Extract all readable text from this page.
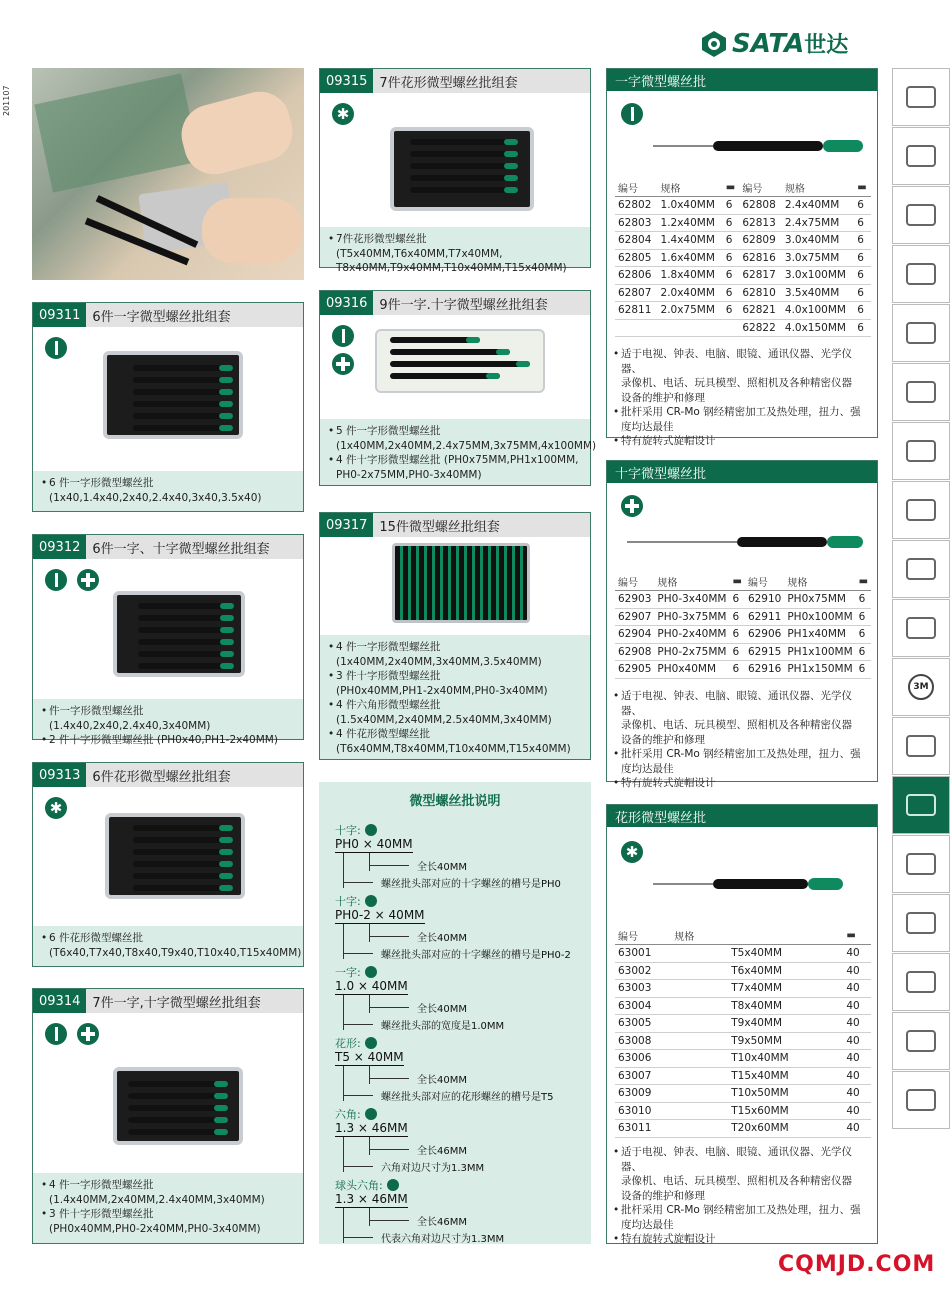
201107
SATA 世达
09311 6件一字微型螺丝批组套
• 6 件一字形微型螺丝批
(1x40,1.4x40,2x40,2.4x40,3x40,3.5x40)
09312 6件一字、十字微型螺丝批组套
• 件一字形微型螺丝批 (1.4x40,2x40,2.4x40,3x40MM)
• 2 件十字形微型螺丝批 (PH0x40,PH1-2x40MM)
09313 6件花形微型螺丝批组套
✱
• 6 件花形微型螺丝批
(T6x40,T7x40,T8x40,T9x40,T10x40,T15x40MM)
09314 7件一字,十字微型螺丝批组套
• 4 件一字形微型螺丝批
(1.4x40MM,2x40MM,2.4x40MM,3x40MM)
• 3 件十字形微型螺丝批
(PH0x40MM,PH0-2x40MM,PH0-3x40MM)
09315 7件花形微型螺丝批组套
✱
• 7件花形微型螺丝批(T5x40MM,T6x40MM,T7x40MM,
T8x40MM,T9x40MM,T10x40MM,T15x40MM)
09316 9件一字.十字微型螺丝批组套
• 5 件一字形微型螺丝批
(1x40MM,2x40MM,2.4x75MM,3x75MM,4x100MM)
• 4 件十字形微型螺丝批 (PH0x75MM,PH1x100MM,
PH0-2x75MM,PH0-3x40MM)
09317 15件微型螺丝批组套
• 4 件一字形微型螺丝批
(1x40MM,2x40MM,3x40MM,3.5x40MM)
• 3 件十字形微型螺丝批
(PH0x40MM,PH1-2x40MM,PH0-3x40MM)
• 4 件六角形微型螺丝批
(1.5x40MM,2x40MM,2.5x40MM,3x40MM)
• 4 件花形微型螺丝批
(T6x40MM,T8x40MM,T10x40MM,T15x40MM)
微型螺丝批说明
十字:
PH0 × 40MM
全长40MM
螺丝批头部对应的十字螺丝的槽号是PH0
十字:
PH0-2 × 40MM
全长40MM
螺丝批头部对应的十字螺丝的槽号是PH0-2
一字:
1.0 × 40MM
全长40MM
螺丝批头部的宽度是1.0MM
花形:
T5 × 40MM
全长40MM
螺丝批头部对应的花形螺丝的槽号是T5
六角:
1.3 × 46MM
全长46MM
六角对边尺寸为1.3MM
球头六角:
1.3 × 46MM
全长46MM
代表六角对边尺寸为1.3MM
一字微型螺丝批
编号	规格	▬	编号	规格	▬
62802	1.0x40MM	6	62808	2.4x40MM	6
62803	1.2x40MM	6	62813	2.4x75MM	6
62804	1.4x40MM	6	62809	3.0x40MM	6
62805	1.6x40MM	6	62816	3.0x75MM	6
62806	1.8x40MM	6	62817	3.0x100MM	6
62807	2.0x40MM	6	62810	3.5x40MM	6
62811	2.0x75MM	6	62821	4.0x100MM	6
			62822	4.0x150MM	6
• 适于电视、钟表、电脑、眼镜、通讯仪器、光学仪器、
录像机、电话、玩具模型、照相机及各种精密仪器
设备的维护和修理
• 批杆采用 CR-Mo 钢经精密加工及热处理，扭力、强
度均达最佳
• 特有旋转式旋帽设计
十字微型螺丝批
编号	规格	▬	编号	规格	▬
62903	PH0-3x40MM	6	62910	PH0x75MM	6
62907	PH0-3x75MM	6	62911	PH0x100MM	6
62904	PH0-2x40MM	6	62906	PH1x40MM	6
62908	PH0-2x75MM	6	62915	PH1x100MM	6
62905	PH0x40MM	6	62916	PH1x150MM	6
• 适于电视、钟表、电脑、眼镜、通讯仪器、光学仪器、
录像机、电话、玩具模型、照相机及各种精密仪器
设备的维护和修理
• 批杆采用 CR-Mo 钢经精密加工及热处理，扭力、强
度均达最佳
• 特有旋转式旋帽设计
花形微型螺丝批
✱
编号	规格	▬
63001	T5x40MM	40
63002	T6x40MM	40
63003	T7x40MM	40
63004	T8x40MM	40
63005	T9x40MM	40
63008	T9x50MM	40
63006	T10x40MM	40
63007	T15x40MM	40
63009	T10x50MM	40
63010	T15x60MM	40
63011	T20x60MM	40
• 适于电视、钟表、电脑、眼镜、通讯仪器、光学仪器、
录像机、电话、玩具模型、照相机及各种精密仪器
设备的维护和修理
• 批杆采用 CR-Mo 钢经精密加工及热处理，扭力、强
度均达最佳
• 特有旋转式旋帽设计
3M
CQMJD.COM
